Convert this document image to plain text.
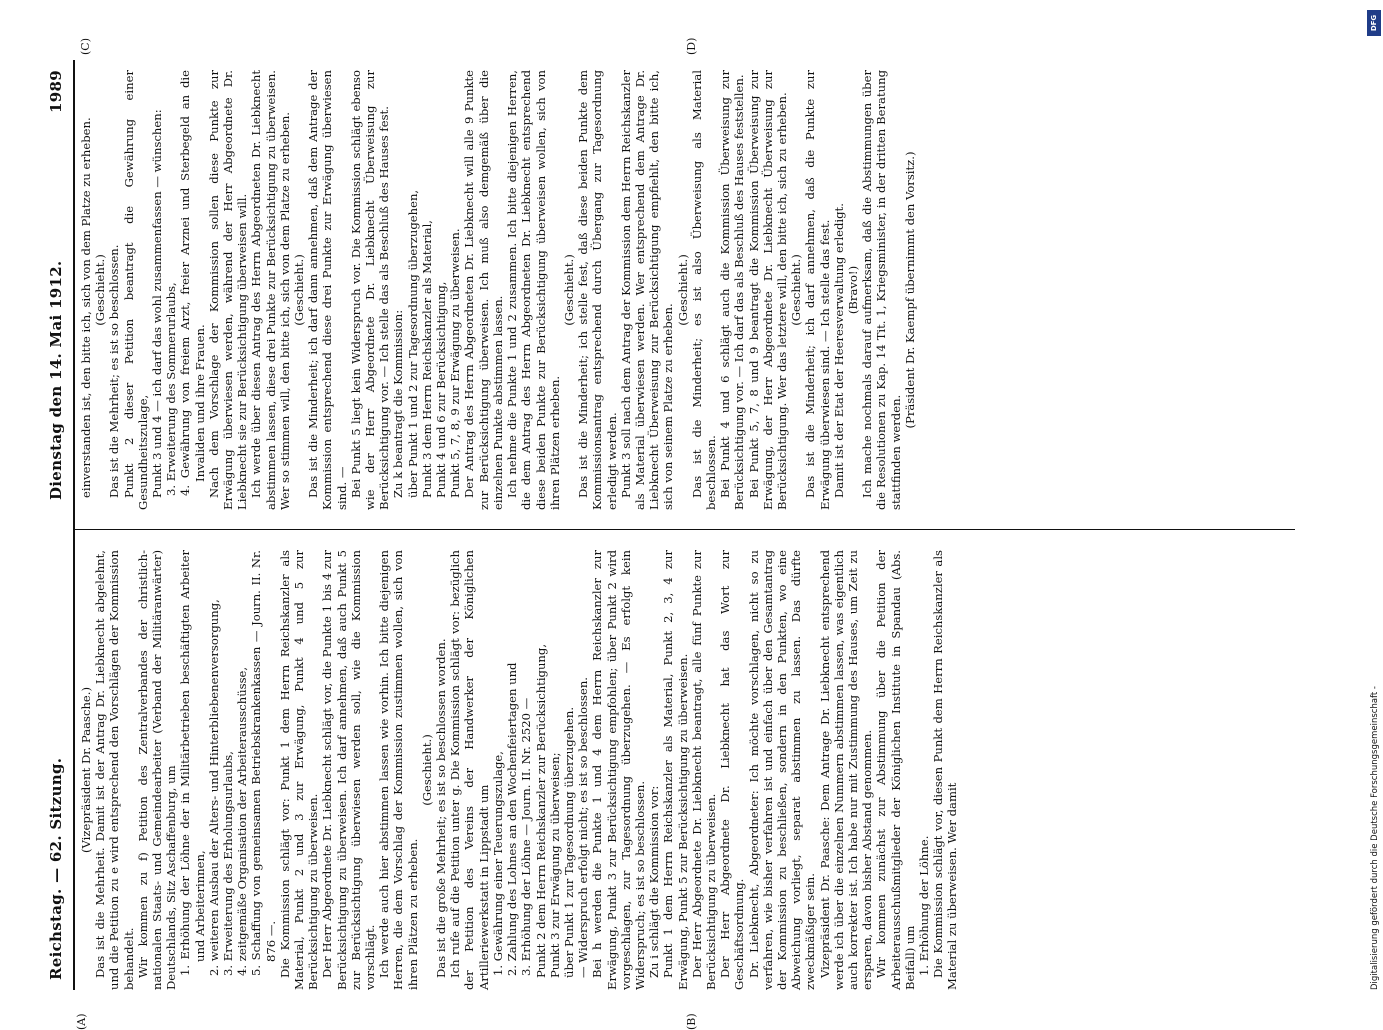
Reichstag. — 62. Sitzung.
Dienstag den 14. Mai 1912.
1989

(Vizepräsident Dr. Paasche.) Das ist die Mehrheit. Damit ist der Antrag Dr. Liebknecht abgelehnt, und die Petition zu e wird entsprechend den Vorschlägen der Kommission behandelt. Wir kommen zu f) Petition des Zentralverbandes der christlich-nationalen Staats- und Gemeindearbeiter (Verband der Militäranwärter) Deutschlands, Sitz Aschaffenburg, um 1. Erhöhung der Löhne der in Militärbetrieben beschäftigten Arbeiter und Arbeiterinnen, 2. weiteren Ausbau der Alters- und Hinterbliebenenversorgung, 3. Erweiterung des Erholungsurlaubs, 4. zeitgemäße Organisation der Arbeiterausschüsse, 5. Schaffung von gemeinsamen Betriebskrankenkassen — Journ. II. Nr. 876 —. Die Kommission schlägt vor: Punkt 1 dem Herrn Reichskanzler als Material, Punkt 2 und 3 zur Erwägung, Punkt 4 und 5 zur Berücksichtigung zu überweisen. Der Herr Abgeordnete Dr. Liebknecht schlägt vor, die Punkte 1 bis 4 zur Berücksichtigung zu überweisen. Ich darf annehmen, daß auch Punkt 5 zur Berücksichtigung überwiesen werden soll, wie die Kommission vorschlägt. Ich werde auch hier abstimmen lassen wie vorhin. Ich bitte diejenigen Herren, die dem Vorschlag der Kommission zustimmen wollen, sich von ihren Plätzen zu erheben.

(Geschieht.) Das ist die große Mehrheit; es ist so beschlossen worden. Ich rufe auf die Petition unter g. Die Kommission schlägt vor: bezüglich der Petition des Vereins der Handwerker der Königlichen Artilleriewerkstatt in Lippstadt um 1. Gewährung einer Teuerungszulage, 2. Zahlung des Lohnes an den Wochenfeiertagen und 3. Erhöhung der Löhne — Journ. II. Nr. 2520 — Punkt 2 dem Herrn Reichskanzler zur Berücksichtigung, Punkt 3 zur Erwägung zu überweisen; über Punkt 1 zur Tagesordnung überzugehen. — Widerspruch erfolgt nicht; es ist so beschlossen. Bei h werden die Punkte 1 und 4 dem Herrn Reichskanzler zur Erwägung, Punkt 3 zur Berücksichtigung empfohlen; über Punkt 2 wird vorgeschlagen, zur Tagesordnung überzugehen. — Es erfolgt kein Widerspruch; es ist so beschlossen. Zu i schlägt die Kommission vor: Punkt 1 dem Herrn Reichskanzler als Material, Punkt 2, 3, 4 zur Erwägung, Punkt 5 zur Berücksichtigung zu überweisen. Der Herr Abgeordnete Dr. Liebknecht beantragt, alle fünf Punkte zur Berücksichtigung zu überweisen. Der Herr Abgeordnete Dr. Liebknecht hat das Wort zur Geschäftsordnung. Dr. Liebknecht, Abgeordneter: Ich möchte vorschlagen, nicht so zu verfahren, wie bisher verfahren ist und einfach über den Gesamtantrag der Kommission zu beschließen, sondern in den Punkten, wo eine Abweichung vorliegt, separat abstimmen zu lassen. Das dürfte zweckmäßiger sein. Vizepräsident Dr. Paasche: Dem Antrage Dr. Liebknecht entsprechend werde ich über die einzelnen Nummern abstimmen lassen, was eigentlich auch korrekter ist. Ich habe nur mit Zustimmung des Hauses, um Zeit zu ersparen, davon bisher Abstand genommen. Wir kommen zunächst zur Abstimmung über die Petition der Arbeiterausschußmitglieder der Königlichen Institute in Spandau (Abs. Beifall) um 1. Erhöhung der Löhne. Die Kommission schlägt vor, diesen Punkt dem Herrn Reichskanzler als Material zu überweisen. Wer damit

einverstanden ist, den bitte ich, sich von dem Platze zu erheben. (Geschieht.) Das ist die Mehrheit; es ist so beschlossen. Punkt 2 dieser Petition beantragt die Gewährung einer Gesundheitszulage, Punkt 3 und 4 — ich darf das wohl zusammenfassen — wünschen: 3. Erweiterung des Sommerurlaubs, 4. Gewährung von freiem Arzt, freier Arznei und Sterbegeld an die Invaliden und ihre Frauen. Nach dem Vorschlage der Kommission sollen diese Punkte zur Erwägung überwiesen werden, während der Herr Abgeordnete Dr. Liebknecht sie zur Berücksichtigung überweisen will. Ich werde über diesen Antrag des Herrn Abgeordneten Dr. Liebknecht abstimmen lassen, diese drei Punkte zur Berücksichtigung zu überweisen. Wer so stimmen will, den bitte ich, sich von dem Platze zu erheben. (Geschieht.) Das ist die Minderheit; ich darf dann annehmen, daß dem Antrage der Kommission entsprechend diese drei Punkte zur Erwägung überwiesen sind. — Bei Punkt 5 liegt kein Widerspruch vor. Die Kommission schlägt ebenso wie der Herr Abgeordnete Dr. Liebknecht Überweisung zur Berücksichtigung vor. — Ich stelle das als Beschluß des Hauses fest. Zu k beantragt die Kommission: über Punkt 1 und 2 zur Tagesordnung überzugehen, Punkt 3 dem Herrn Reichskanzler als Material, Punkt 4 und 6 zur Berücksichtigung, Punkt 5, 7, 8, 9 zur Erwägung zu überweisen. Der Antrag des Herrn Abgeordneten Dr. Liebknecht will alle 9 Punkte zur Berücksichtigung überweisen. Ich muß also demgemäß über die einzelnen Punkte abstimmen lassen. Ich nehme die Punkte 1 und 2 zusammen. Ich bitte diejenigen Herren, die dem Antrag des Herrn Abgeordneten Dr. Liebknecht entsprechend diese beiden Punkte zur Berücksichtigung überweisen wollen, sich von ihren Plätzen erheben.

(Geschieht.) Das ist die Minderheit; ich stelle fest, daß diese beiden Punkte dem Kommissionsantrag entsprechend durch Übergang zur Tagesordnung erledigt werden. Punkt 3 soll nach dem Antrag der Kommission dem Herrn Reichskanzler als Material überwiesen werden. Wer entsprechend dem Antrage Dr. Liebknecht Überweisung zur Berücksichtigung empfiehlt, den bitte ich, sich von seinem Platze zu erheben.

(Geschieht.) Das ist die Minderheit; es ist also Überweisung als Material beschlossen. Bei Punkt 4 und 6 schlägt auch die Kommission Überweisung zur Berücksichtigung vor. — Ich darf das als Beschluß des Hauses feststellen. Bei Punkt 5, 7, 8 und 9 beantragt die Kommission Überweisung zur Erwägung, der Herr Abgeordnete Dr. Liebknecht Überweisung zur Berücksichtigung. Wer das letztere will, den bitte ich, sich zu erheben. (Geschieht.) Das ist die Minderheit; ich darf annehmen, daß die Punkte zur Erwägung überwiesen sind. — Ich stelle das fest. Damit ist der Etat der Heeresverwaltung erledigt. (Bravo!) Ich mache nochmals darauf aufmerksam, daß die Abstimmungen über die Resolutionen zu Kap. 14 Tit. 1, Kriegsminister, in der dritten Beratung stattfinden werden.

(Präsident Dr. Kaempf übernimmt den Vorsitz.)

(A)	(B)
(C)	(D)
Digitalisierung gefördert durch die Deutsche Forschungsgemeinschaft -
DFG
